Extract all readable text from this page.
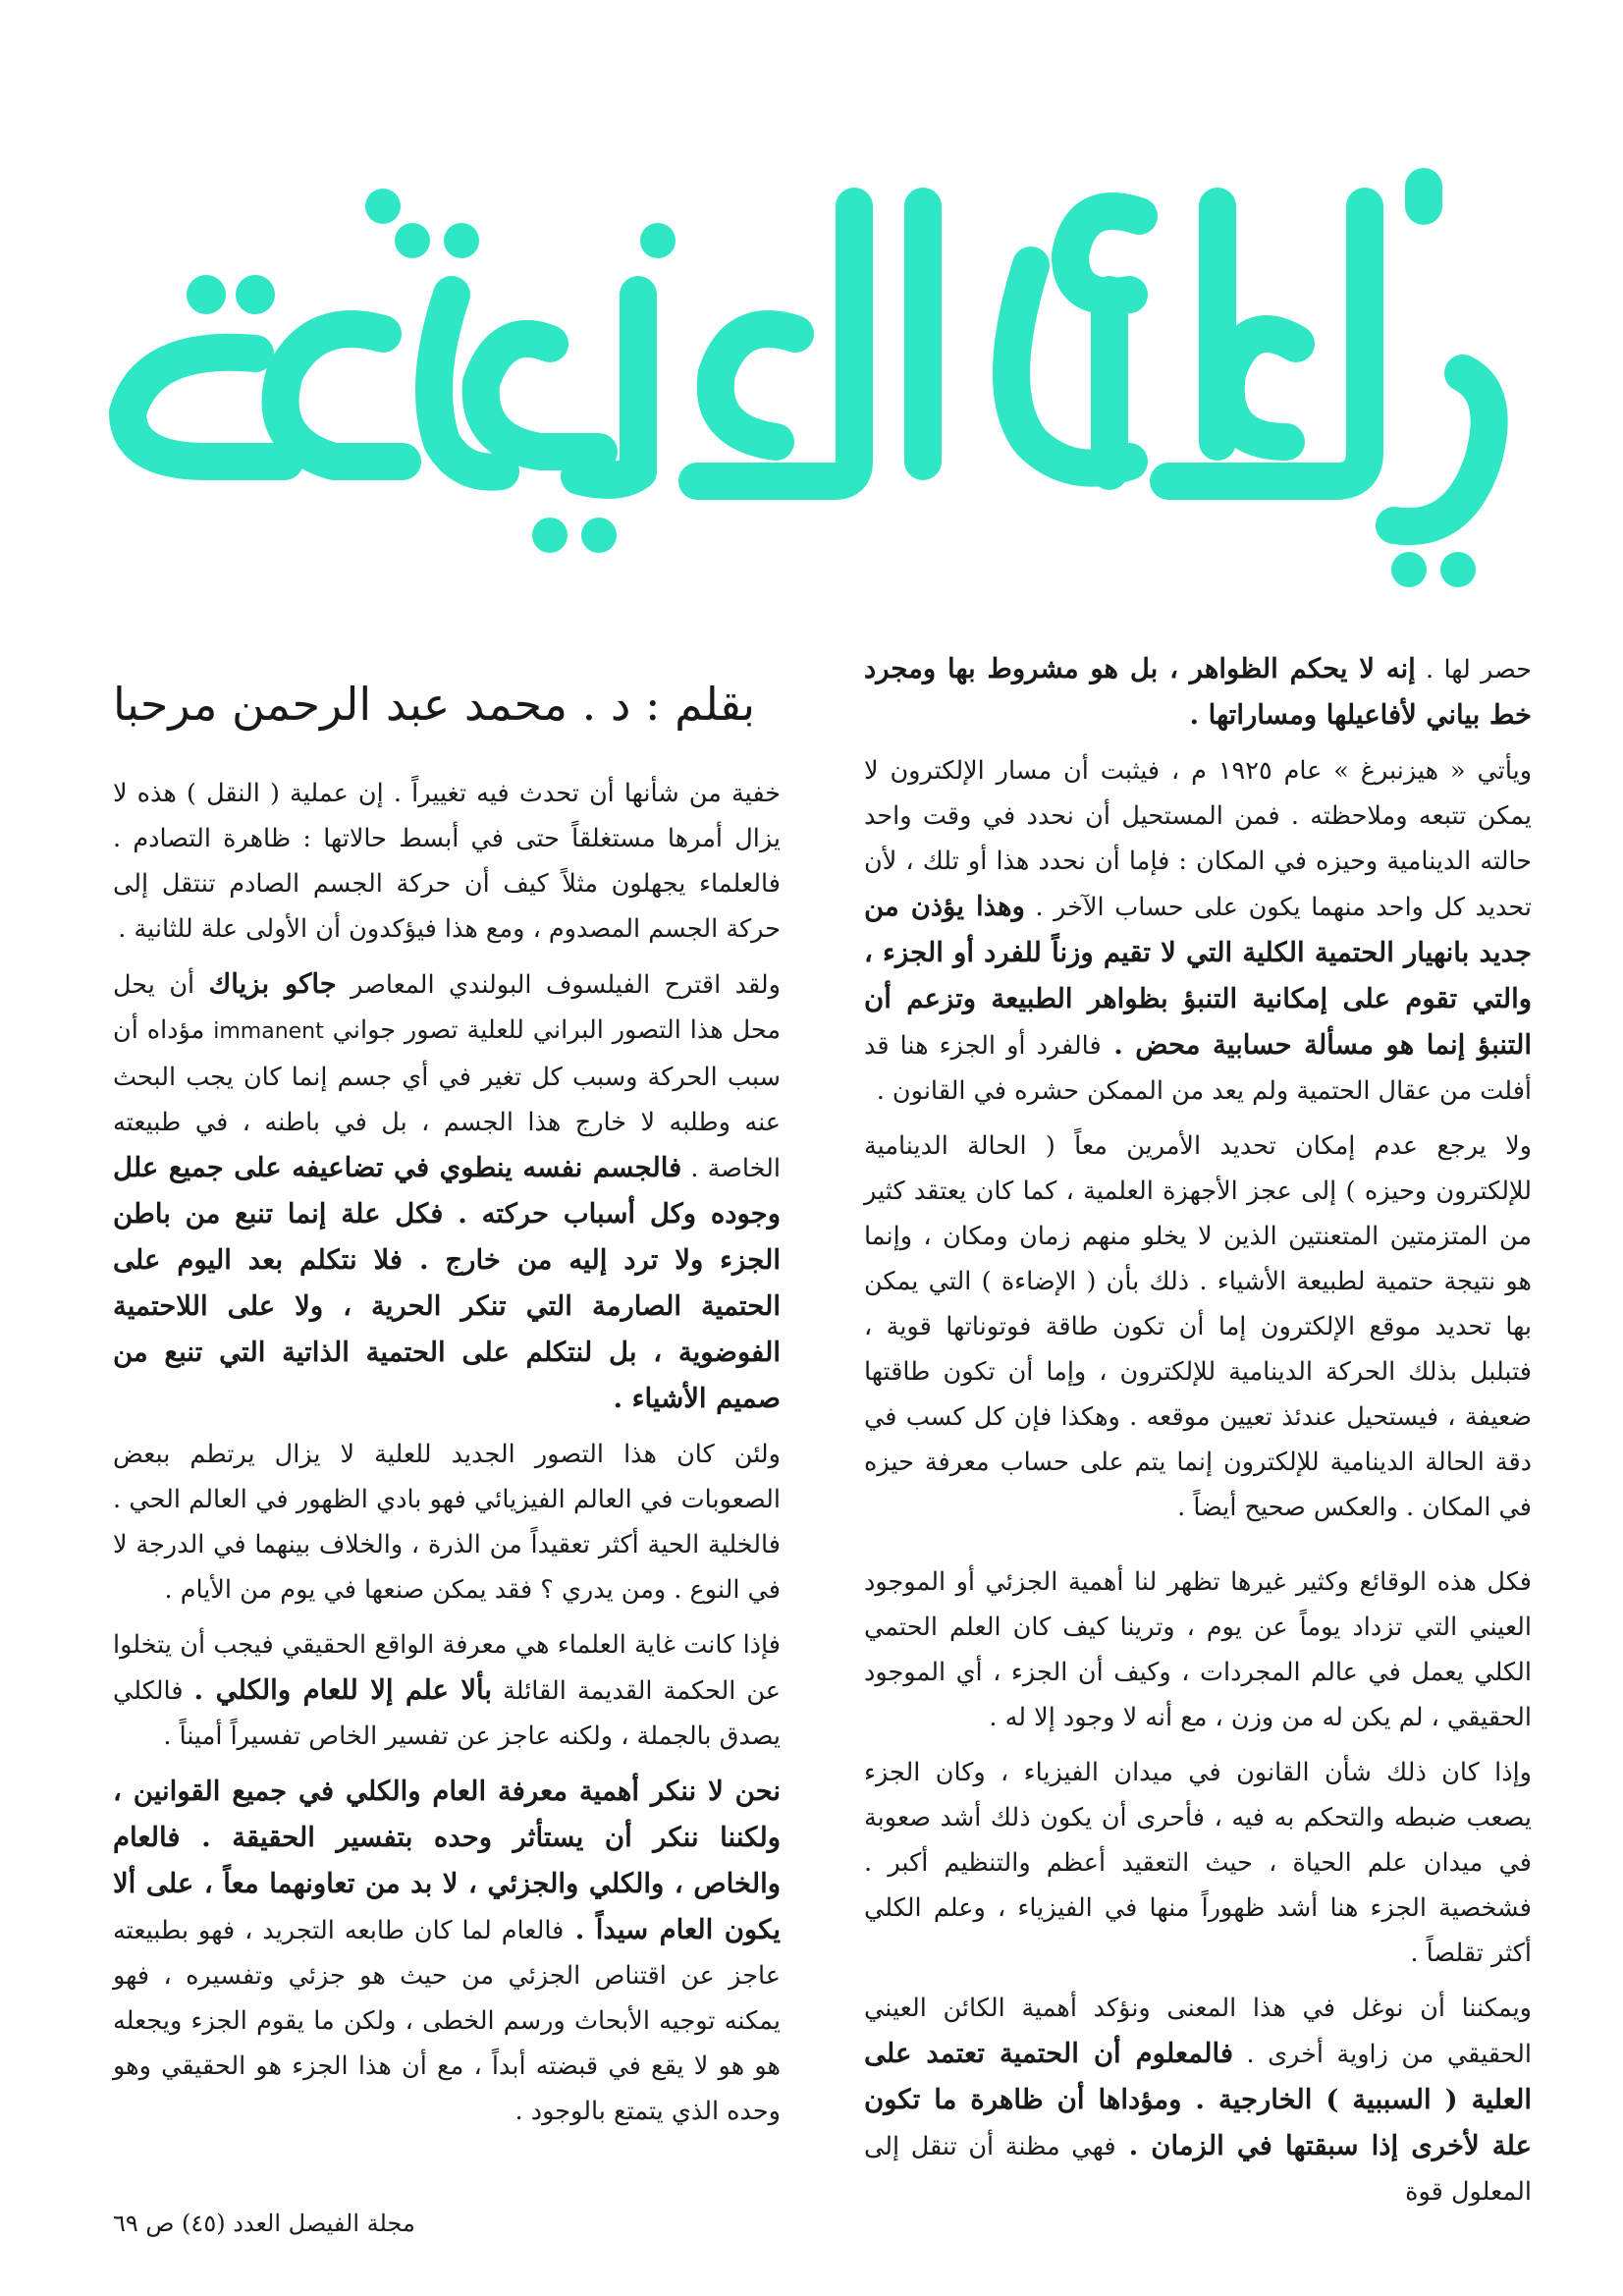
بقلم : د . محمد عبد الرحمن مرحبا

حصر لها . إنه لا يحكم الظواهر ، بل هو مشروط بها ومجرد خط بياني لأفاعيلها ومساراتها .

ويأتي « هيزنبرغ » عام ١٩٢٥ م ، فيثبت أن مسار الإلكترون لا يمكن تتبعه وملاحظته . فمن المستحيل أن نحدد في وقت واحد حالته الدينامية وحيزه في المكان : فإما أن نحدد هذا أو تلك ، لأن تحديد كل واحد منهما يكون على حساب الآخر . وهذا يؤذن من جديد بانهيار الحتمية الكلية التي لا تقيم وزناً للفرد أو الجزء ، والتي تقوم على إمكانية التنبؤ بظواهر الطبيعة وتزعم أن التنبؤ إنما هو مسألة حسابية محض . فالفرد أو الجزء هنا قد أفلت من عقال الحتمية ولم يعد من الممكن حشره في القانون .

ولا يرجع عدم إمكان تحديد الأمرين معاً ( الحالة الدينامية للإلكترون وحيزه ) إلى عجز الأجهزة العلمية ، كما كان يعتقد كثير من المتزمتين المتعنتين الذين لا يخلو منهم زمان ومكان ، وإنما هو نتيجة حتمية لطبيعة الأشياء . ذلك بأن ( الإضاءة ) التي يمكن بها تحديد موقع الإلكترون إما أن تكون طاقة فوتوناتها قوية ، فتبلبل بذلك الحركة الدينامية للإلكترون ، وإما أن تكون طاقتها ضعيفة ، فيستحيل عندئذ تعيين موقعه . وهكذا فإن كل كسب في دقة الحالة الدينامية للإلكترون إنما يتم على حساب معرفة حيزه في المكان . والعكس صحيح أيضاً .

فكل هذه الوقائع وكثير غيرها تظهر لنا أهمية الجزئي أو الموجود العيني التي تزداد يوماً عن يوم ، وترينا كيف كان العلم الحتمي الكلي يعمل في عالم المجردات ، وكيف أن الجزء ، أي الموجود الحقيقي ، لم يكن له من وزن ، مع أنه لا وجود إلا له .

وإذا كان ذلك شأن القانون في ميدان الفيزياء ، وكان الجزء يصعب ضبطه والتحكم به فيه ، فأحرى أن يكون ذلك أشد صعوبة في ميدان علم الحياة ، حيث التعقيد أعظم والتنظيم أكبر . فشخصية الجزء هنا أشد ظهوراً منها في الفيزياء ، وعلم الكلي أكثر تقلصاً .

ويمكننا أن نوغل في هذا المعنى ونؤكد أهمية الكائن العيني الحقيقي من زاوية أخرى . فالمعلوم أن الحتمية تعتمد على العلية ( السببية ) الخارجية . ومؤداها أن ظاهرة ما تكون علة لأخرى إذا سبقتها في الزمان . فهي مظنة أن تنقل إلى المعلول قوة

خفية من شأنها أن تحدث فيه تغييراً . إن عملية ( النقل ) هذه لا يزال أمرها مستغلقاً حتى في أبسط حالاتها : ظاهرة التصادم . فالعلماء يجهلون مثلاً كيف أن حركة الجسم الصادم تنتقل إلى حركة الجسم المصدوم ، ومع هذا فيؤكدون أن الأولى علة للثانية .

ولقد اقترح الفيلسوف البولندي المعاصر جاكو بزياك أن يحل محل هذا التصور البراني للعلية تصور جواني immanent مؤداه أن سبب الحركة وسبب كل تغير في أي جسم إنما كان يجب البحث عنه وطلبه لا خارج هذا الجسم ، بل في باطنه ، في طبيعته الخاصة . فالجسم نفسه ينطوي في تضاعيفه على جميع علل وجوده وكل أسباب حركته . فكل علة إنما تنبع من باطن الجزء ولا ترد إليه من خارج . فلا نتكلم بعد اليوم على الحتمية الصارمة التي تنكر الحرية ، ولا على اللاحتمية الفوضوية ، بل لنتكلم على الحتمية الذاتية التي تنبع من صميم الأشياء .

ولئن كان هذا التصور الجديد للعلية لا يزال يرتطم ببعض الصعوبات في العالم الفيزيائي فهو بادي الظهور في العالم الحي . فالخلية الحية أكثر تعقيداً من الذرة ، والخلاف بينهما في الدرجة لا في النوع . ومن يدري ؟ فقد يمكن صنعها في يوم من الأيام .

فإذا كانت غاية العلماء هي معرفة الواقع الحقيقي فيجب أن يتخلوا عن الحكمة القديمة القائلة بألا علم إلا للعام والكلي . فالكلي يصدق بالجملة ، ولكنه عاجز عن تفسير الخاص تفسيراً أميناً .

نحن لا ننكر أهمية معرفة العام والكلي في جميع القوانين ، ولكننا ننكر أن يستأثر وحده بتفسير الحقيقة . فالعام والخاص ، والكلي والجزئي ، لا بد من تعاونهما معاً ، على ألا يكون العام سيداً . فالعام لما كان طابعه التجريد ، فهو بطبيعته عاجز عن اقتناص الجزئي من حيث هو جزئي وتفسيره ، فهو يمكنه توجيه الأبحاث ورسم الخطى ، ولكن ما يقوم الجزء ويجعله هو هو لا يقع في قبضته أبداً ، مع أن هذا الجزء هو الحقيقي وهو وحده الذي يتمتع بالوجود .

مجلة الفيصل العدد (٤٥) ص ٦٩
